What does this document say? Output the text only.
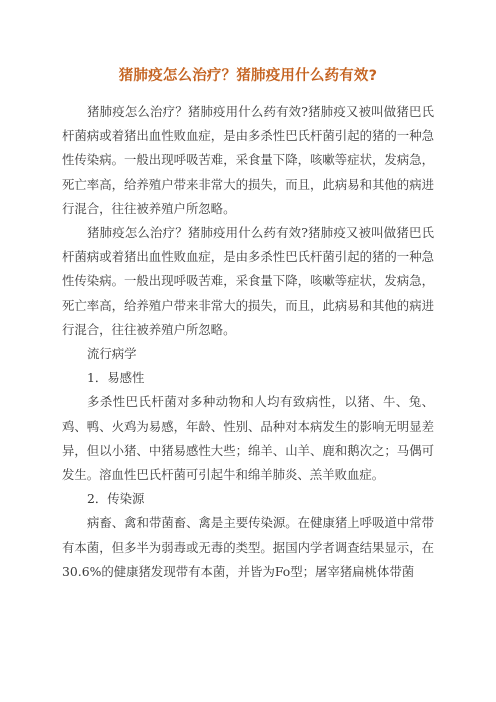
猪肺疫怎么治疗？猪肺疫用什么药有效?

猪肺疫怎么治疗？猪肺疫用什么药有效?猪肺疫又被叫做猪巴氏杆菌病或着猪出血性败血症，是由多杀性巴氏杆菌引起的猪的一种急性传染病。一般出现呼吸苦难，采食量下降，咳嗽等症状，发病急，死亡率高，给养殖户带来非常大的损失，而且，此病易和其他的病进行混合，往往被养殖户所忽略。

猪肺疫怎么治疗？猪肺疫用什么药有效?猪肺疫又被叫做猪巴氏杆菌病或着猪出血性败血症，是由多杀性巴氏杆菌引起的猪的一种急性传染病。一般出现呼吸苦难，采食量下降，咳嗽等症状，发病急，死亡率高，给养殖户带来非常大的损失，而且，此病易和其他的病进行混合，往往被养殖户所忽略。

流行病学

1．易感性

多杀性巴氏杆菌对多种动物和人均有致病性，以猪、牛、兔、鸡、鸭、火鸡为易感，年龄、性别、品种对本病发生的影响无明显差异，但以小猪、中猪易感性大些；绵羊、山羊、鹿和鹅次之；马偶可发生。溶血性巴氏杆菌可引起牛和绵羊肺炎、羔羊败血症。

2．传染源

病畜、禽和带菌畜、禽是主要传染源。在健康猪上呼吸道中常带有本菌，但多半为弱毒或无毒的类型。据国内学者调查结果显示，在30.6%的健康猪发现带有本菌，并皆为Fo型；屠宰猪扁桃体带菌
